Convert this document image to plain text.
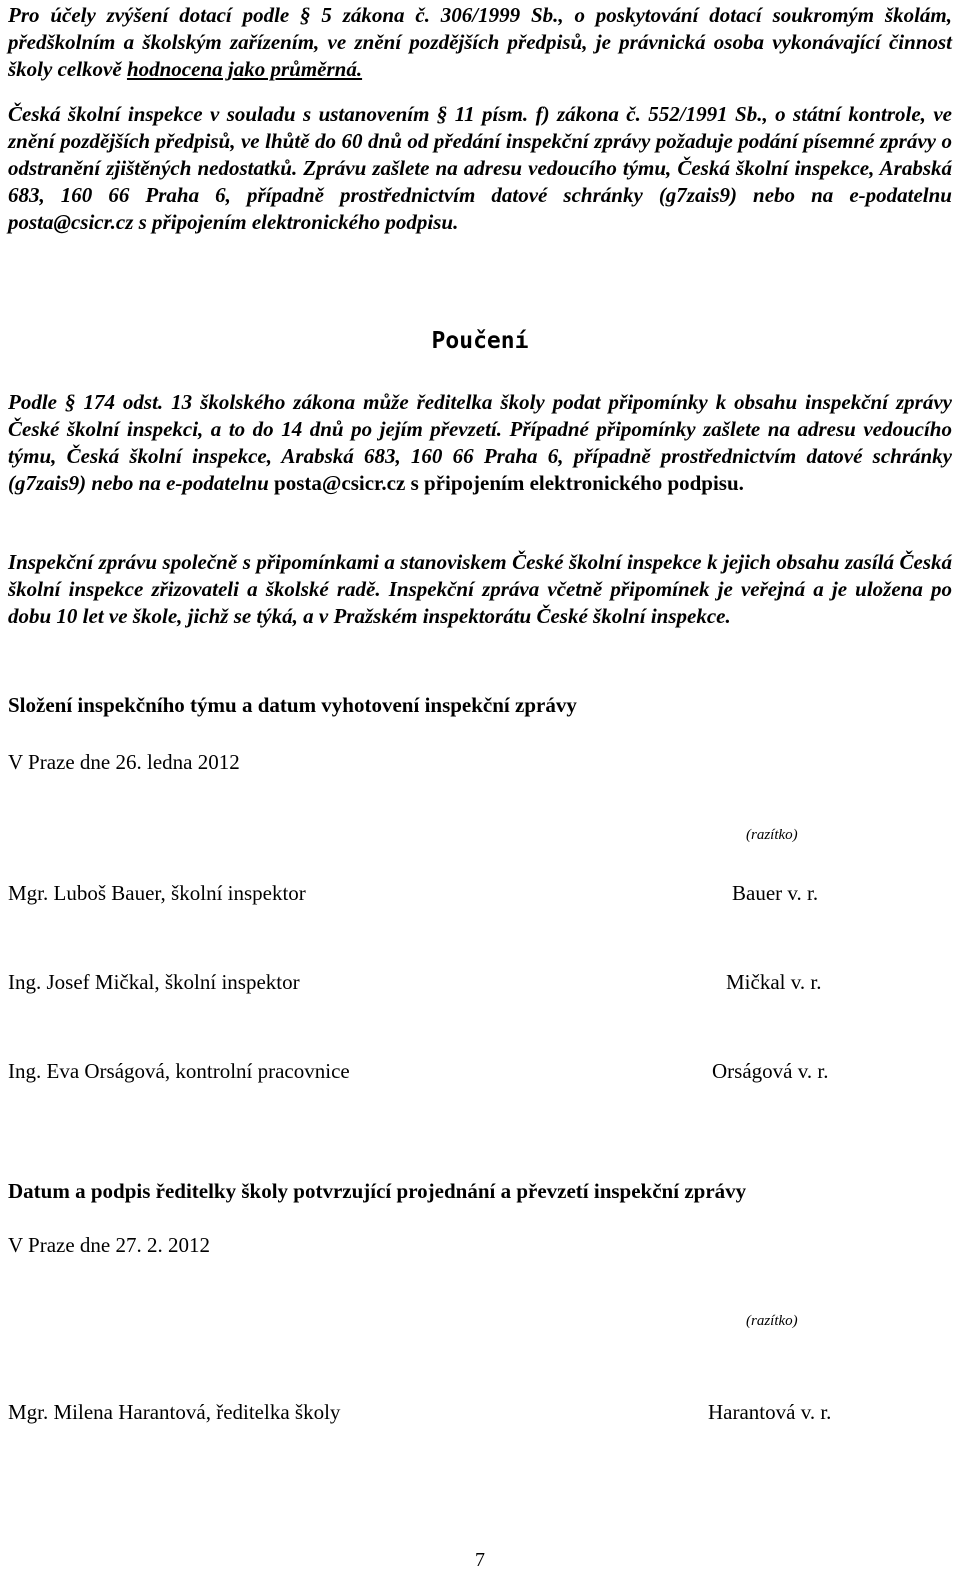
Pro účely zvýšení dotací podle § 5 zákona č. 306/1999 Sb., o poskytování dotací soukromým školám, předškolním a školským zařízením, ve znění pozdějších předpisů, je právnická osoba vykonávající činnost školy celkově hodnocena jako průměrná.

Česká školní inspekce v souladu s ustanovením § 11 písm. f) zákona č. 552/1991 Sb., o státní kontrole, ve znění pozdějších předpisů, ve lhůtě do 60 dnů od předání inspekční zprávy požaduje podání písemné zprávy o odstranění zjištěných nedostatků. Zprávu zašlete na adresu vedoucího týmu, Česká školní inspekce, Arabská 683, 160 66 Praha 6, případně prostřednictvím datové schránky (g7zais9) nebo na e-podatelnu posta@csicr.cz s připojením elektronického podpisu.

Poučení

Podle § 174 odst. 13 školského zákona může ředitelka školy podat připomínky k obsahu inspekční zprávy České školní inspekci, a to do 14 dnů po jejím převzetí. Případné připomínky zašlete na adresu vedoucího týmu, Česká školní inspekce, Arabská 683, 160 66 Praha 6, případně prostřednictvím datové schránky (g7zais9) nebo na e-podatelnu posta@csicr.cz s připojením elektronického podpisu.

Inspekční zprávu společně s připomínkami a stanoviskem České školní inspekce k jejich obsahu zasílá Česká školní inspekce zřizovateli a školské radě. Inspekční zpráva včetně připomínek je veřejná a je uložena po dobu 10 let ve škole, jichž se týká, a v Pražském inspektorátu České školní inspekce.

Složení inspekčního týmu a datum vyhotovení inspekční zprávy
V Praze dne 26. ledna 2012
(razítko)
Mgr. Luboš Bauer, školní inspektor	Bauer v. r.
Ing. Josef Mičkal, školní inspektor	Mičkal v. r.
Ing. Eva Orságová, kontrolní pracovnice	Orságová v. r.
Datum a podpis ředitelky školy potvrzující projednání a převzetí inspekční zprávy
V Praze dne 27. 2. 2012
(razítko)
Mgr. Milena Harantová, ředitelka školy	Harantová v. r.
7
